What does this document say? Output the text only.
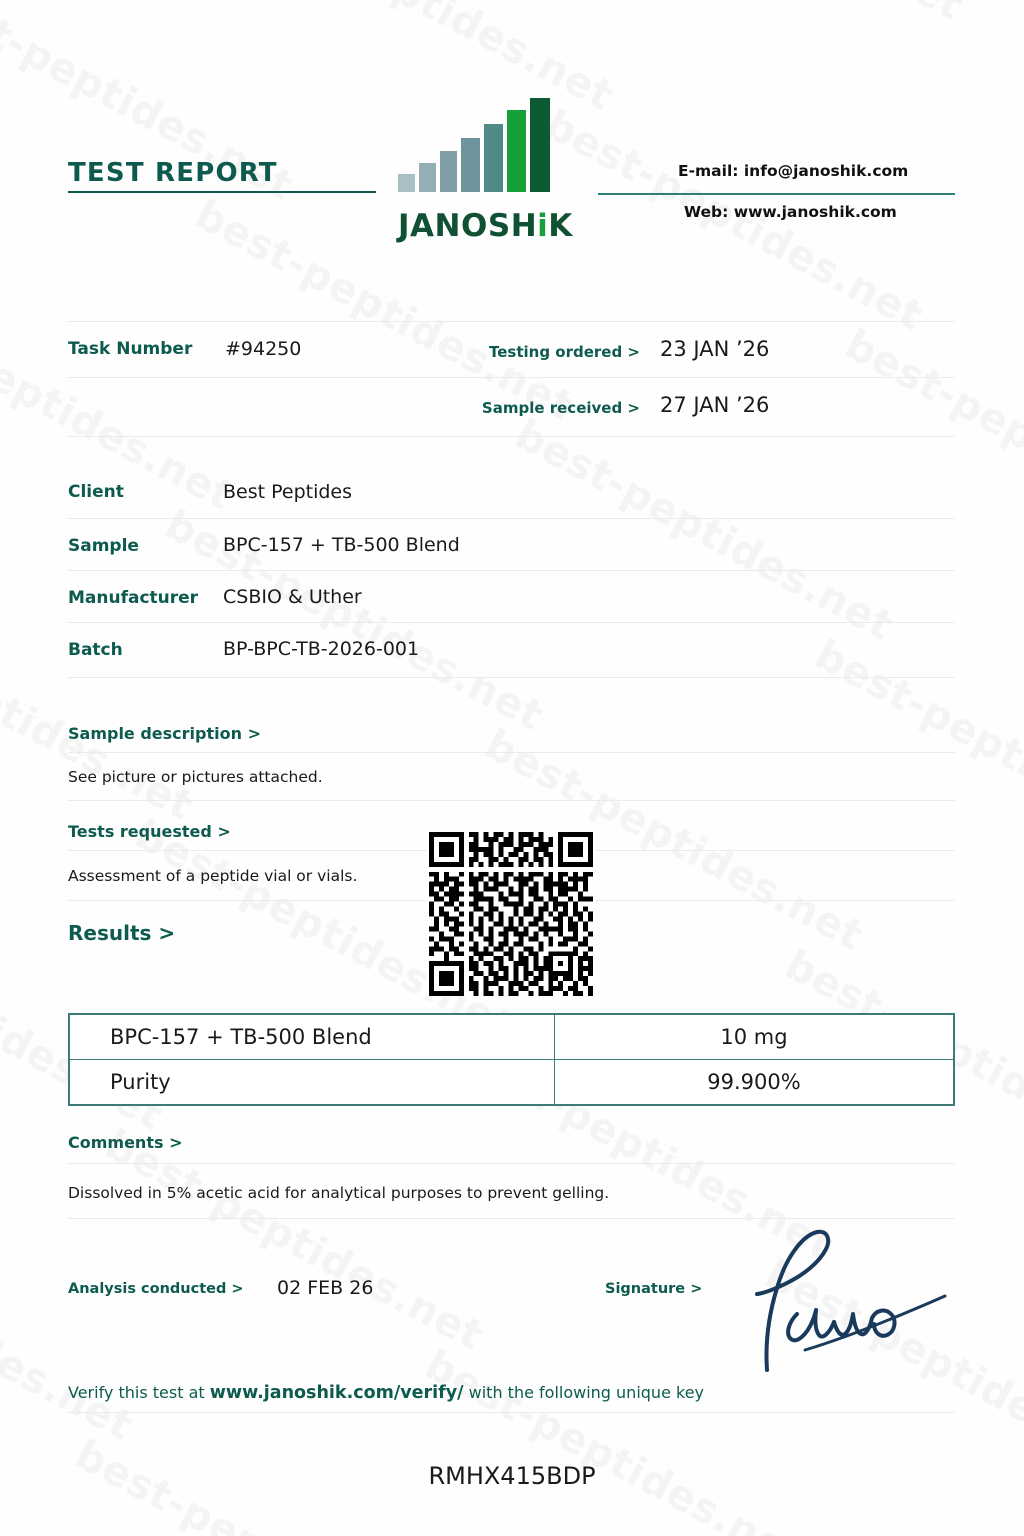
TEST REPORT
JANOSHiK
E-mail: info@janoshik.com
Web: www.janoshik.com
Task Number #94250	Testing ordered > 23 JAN ’26
Sample received > 27 JAN ’26
Client	Best Peptides
Sample	BPC-157 + TB-500 Blend
Manufacturer CSBIO & Uther
Batch	BP-BPC-TB-2026-001
Sample description >
See picture or pictures attached.
Tests requested >
Assessment of a peptide vial or vials.
Results >
BPC-157 + TB-500 Blend	10 mg
Purity	99.900%
Comments >
Dissolved in 5% acetic acid for analytical purposes to prevent gelling.
Analysis conducted > 02 FEB 26	Signature >
Verify this test at www.janoshik.com/verify/ with the following unique key
RMHX415BDP
